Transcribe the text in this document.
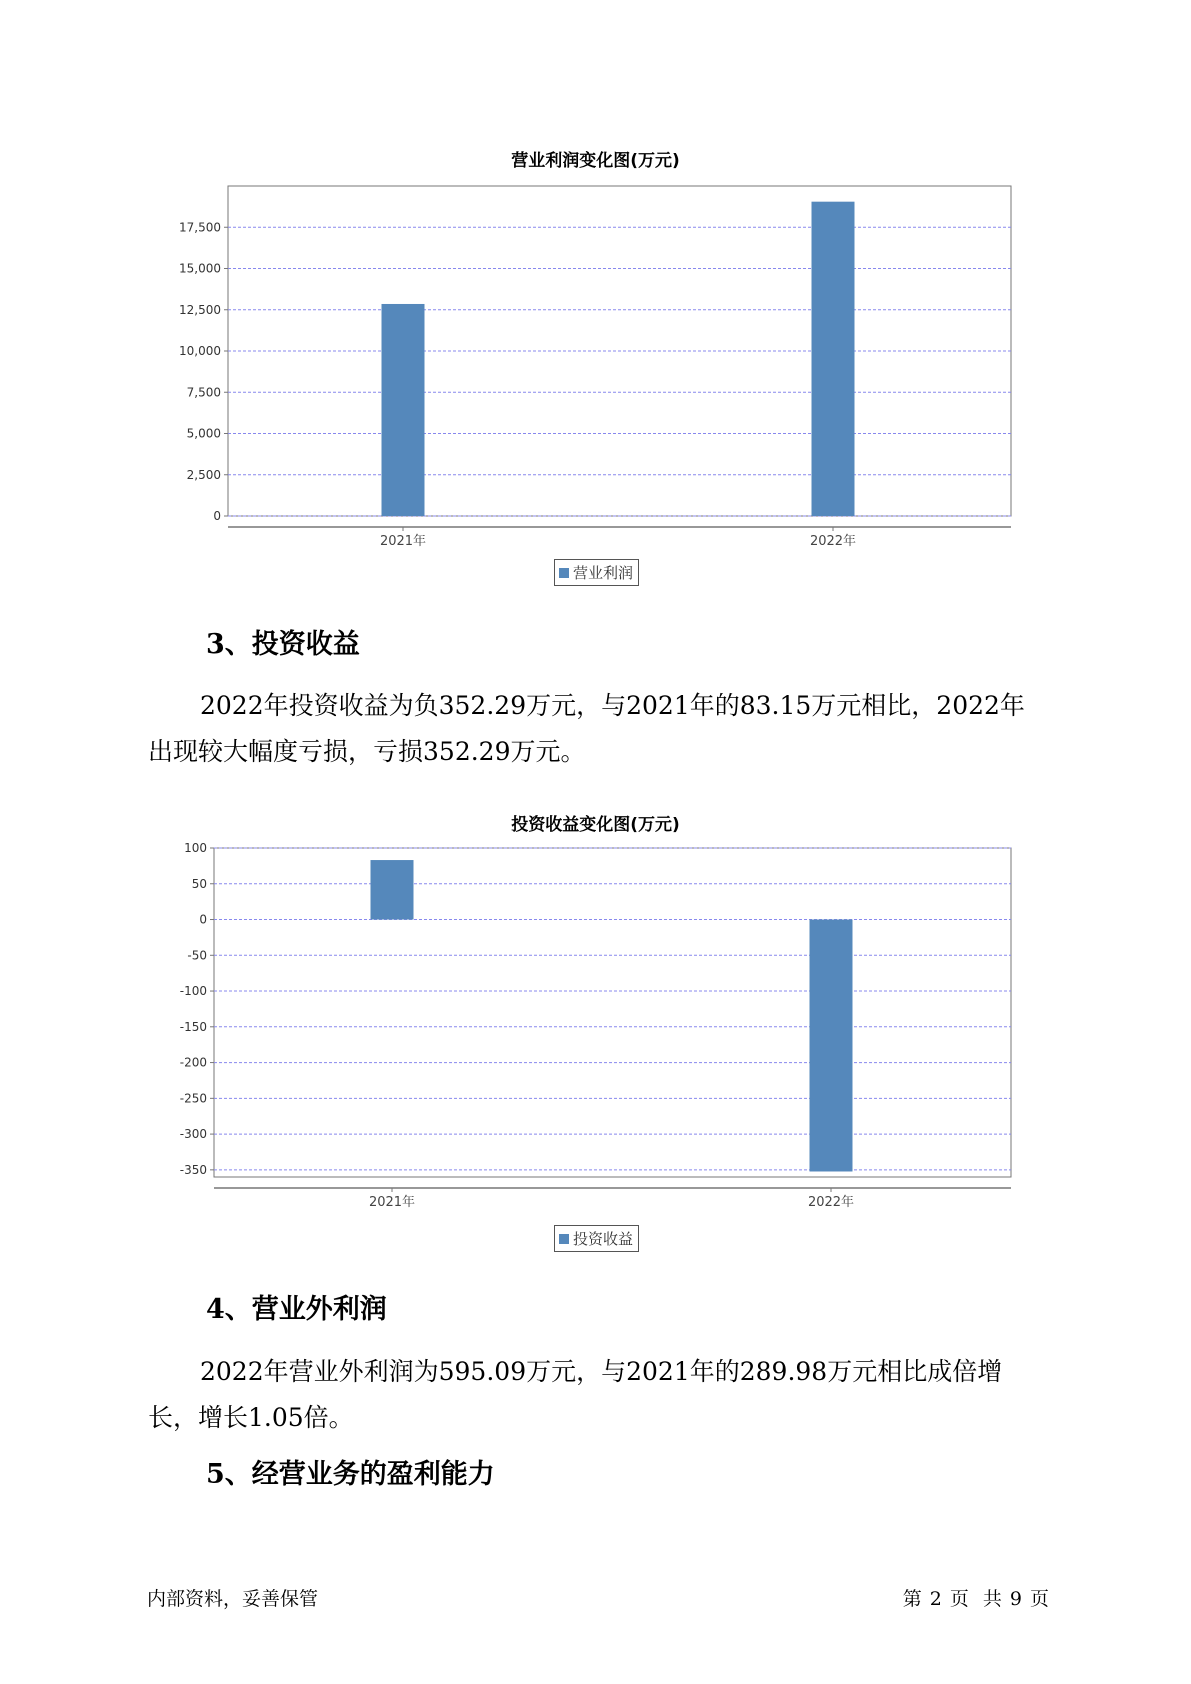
营业利润变化图(万元)
0
2,500
5,000
7,500
10,000
12,500
15,000
17,500
2021年	2022年
营业利润
3、投资收益
2022年投资收益为负352.29万元，与2021年的83.15万元相比，2022年
出现较大幅度亏损，亏损352.29万元。
投资收益变化图(万元)
100
50
0
-50
-100
-150
-200
-250
-300
-350
2021年	2022年
投资收益
4、营业外利润
2022年营业外利润为595.09万元，与2021年的289.98万元相比成倍增
长，增长1.05倍。
5、经营业务的盈利能力
内部资料，妥善保管	第 2 页 共 9 页
